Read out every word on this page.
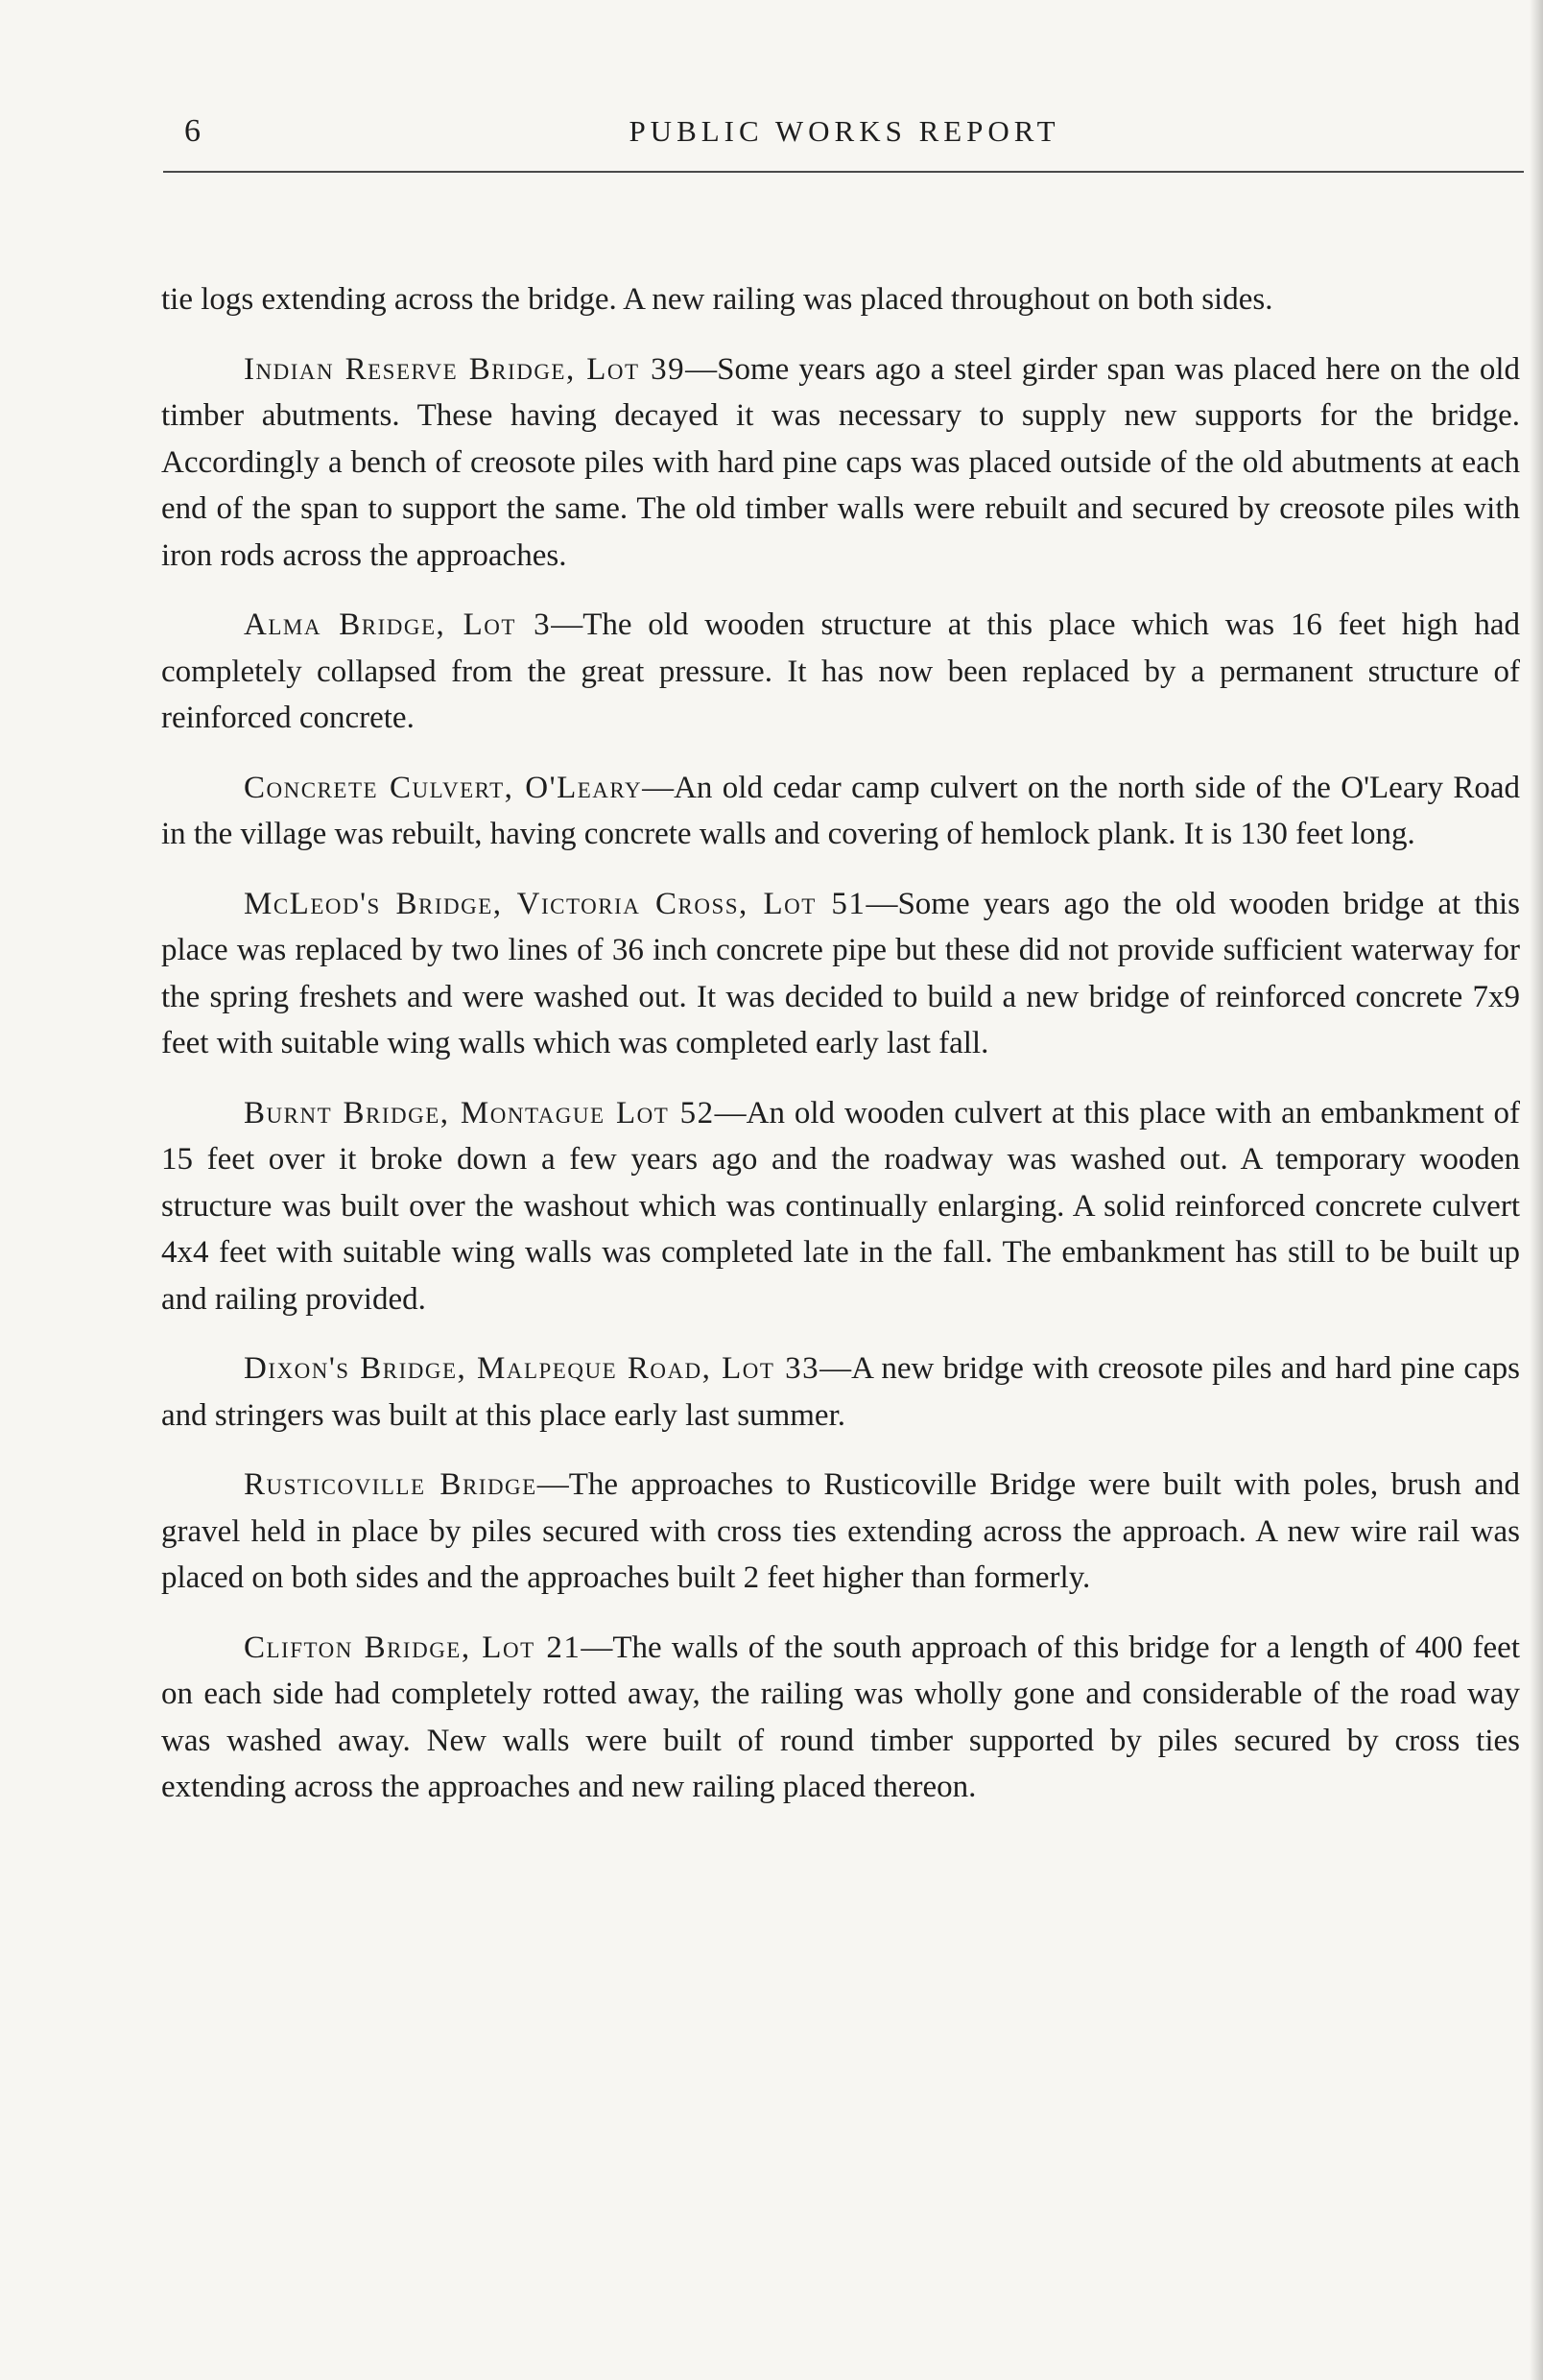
PUBLIC WORKS REPORT
6

tie logs extending across the bridge. A new railing was placed throughout on both sides.

Indian Reserve Bridge, Lot 39—Some years ago a steel girder span was placed here on the old timber abutments. These having decayed it was necessary to supply new supports for the bridge. Accordingly a bench of creosote piles with hard pine caps was placed outside of the old abutments at each end of the span to support the same. The old timber walls were rebuilt and secured by creosote piles with iron rods across the approaches.

Alma Bridge, Lot 3—The old wooden structure at this place which was 16 feet high had completely collapsed from the great pressure. It has now been replaced by a permanent structure of reinforced concrete.

Concrete Culvert, O'Leary—An old cedar camp culvert on the north side of the O'Leary Road in the village was rebuilt, having concrete walls and covering of hemlock plank. It is 130 feet long.

McLeod's Bridge, Victoria Cross, Lot 51—Some years ago the old wooden bridge at this place was replaced by two lines of 36 inch concrete pipe but these did not provide sufficient waterway for the spring freshets and were washed out. It was decided to build a new bridge of reinforced concrete 7x9 feet with suitable wing walls which was completed early last fall.

Burnt Bridge, Montague Lot 52—An old wooden culvert at this place with an embankment of 15 feet over it broke down a few years ago and the roadway was washed out. A temporary wooden structure was built over the washout which was continually enlarging. A solid reinforced concrete culvert 4x4 feet with suitable wing walls was completed late in the fall. The embankment has still to be built up and railing provided.

Dixon's Bridge, Malpeque Road, Lot 33—A new bridge with creosote piles and hard pine caps and stringers was built at this place early last summer.

Rusticoville Bridge—The approaches to Rusticoville Bridge were built with poles, brush and gravel held in place by piles secured with cross ties extending across the approach. A new wire rail was placed on both sides and the approaches built 2 feet higher than formerly.

Clifton Bridge, Lot 21—The walls of the south approach of this bridge for a length of 400 feet on each side had completely rotted away, the railing was wholly gone and considerable of the road way was washed away. New walls were built of round timber supported by piles secured by cross ties extending across the approaches and new railing placed thereon.
